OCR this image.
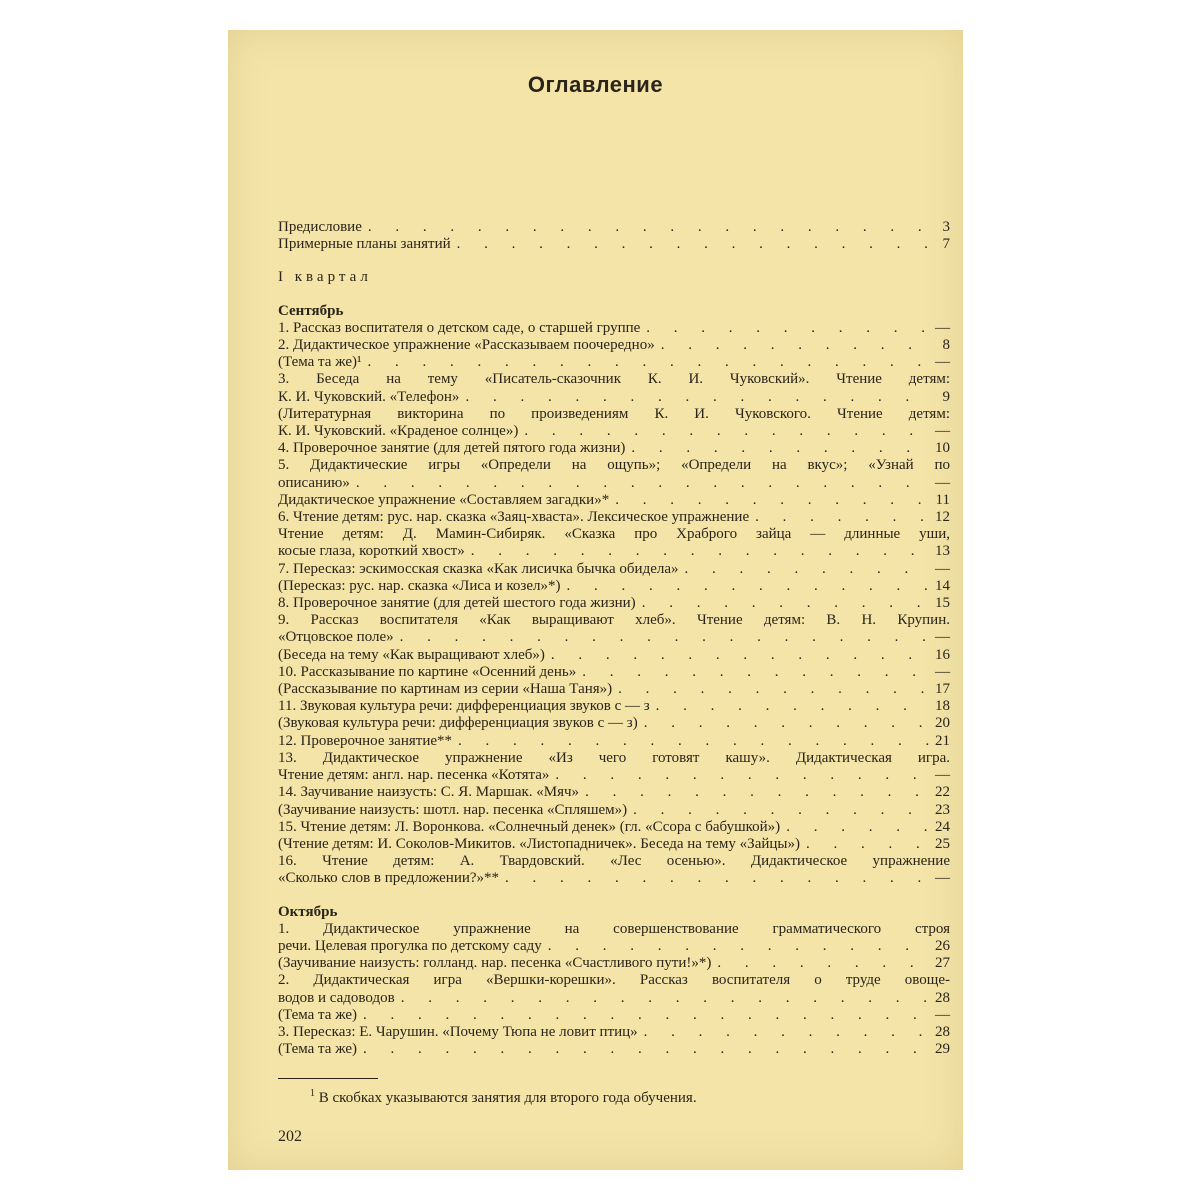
Оглавление
Предисловие . . .	3
Примерные планы занятий . . .	7
I квартал
Сентябрь
1. Рассказ воспитателя о детском саде, о старшей группе . . .	—
2. Дидактическое упражнение «Рассказываем поочередно» . . .	8
(Тема та же)¹ . . .	—
3. Беседа на тему «Писатель-сказочник К. И. Чуковский». Чтение детям:
К. И. Чуковский. «Телефон» . . .	9
(Литературная викторина по произведениям К. И. Чуковского. Чтение детям:
К. И. Чуковский. «Краденое солнце») . . .	—
4. Проверочное занятие (для детей пятого года жизни) . . .	10
5. Дидактические игры «Определи на ощупь»; «Определи на вкус»; «Узнай по
описанию» . . .	—
Дидактическое упражнение «Составляем загадки»* . . .	11
6. Чтение детям: рус. нар. сказка «Заяц-хваста». Лексическое упражнение . . .	12
Чтение детям: Д. Мамин-Сибиряк. «Сказка про Храброго зайца — длинные уши,
косые глаза, короткий хвост» . . .	13
7. Пересказ: эскимосская сказка «Как лисичка бычка обидела» . . .	—
(Пересказ: рус. нар. сказка «Лиса и козел»*) . . .	14
8. Проверочное занятие (для детей шестого года жизни) . . .	15
9. Рассказ воспитателя «Как выращивают хлеб». Чтение детям: В. Н. Крупин.
«Отцовское поле» . . .	—
(Беседа на тему «Как выращивают хлеб») . . .	16
10. Рассказывание по картине «Осенний день» . . .	—
(Рассказывание по картинам из серии «Наша Таня») . . .	17
11. Звуковая культура речи: дифференциация звуков с — з . . .	18
(Звуковая культура речи: дифференциация звуков с — з) . . .	20
12. Проверочное занятие** . . .	21
13. Дидактическое упражнение «Из чего готовят кашу». Дидактическая игра.
Чтение детям: англ. нар. песенка «Котята» . . .	—
14. Заучивание наизусть: С. Я. Маршак. «Мяч» . . .	22
(Заучивание наизусть: шотл. нар. песенка «Спляшем») . . .	23
15. Чтение детям: Л. Воронкова. «Солнечный денек» (гл. «Ссора с бабушкой») . . .	24
(Чтение детям: И. Соколов-Микитов. «Листопадничек». Беседа на тему «Зайцы») . . .	25
16. Чтение детям: А. Твардовский. «Лес осенью». Дидактическое упражнение
«Сколько слов в предложении?»** . . .	—
Октябрь
1. Дидактическое упражнение на совершенствование грамматического строя
речи. Целевая прогулка по детскому саду . . .	26
(Заучивание наизусть: голланд. нар. песенка «Счастливого пути!»*) . . .	27
2. Дидактическая игра «Вершки-корешки». Рассказ воспитателя о труде овоще-
водов и садоводов . . .	28
(Тема та же) . . .	—
3. Пересказ: Е. Чарушин. «Почему Тюпа не ловит птиц» . . .	28
(Тема та же) . . .	29
$^1$ В скобках указываются занятия для второго года обучения.
202
